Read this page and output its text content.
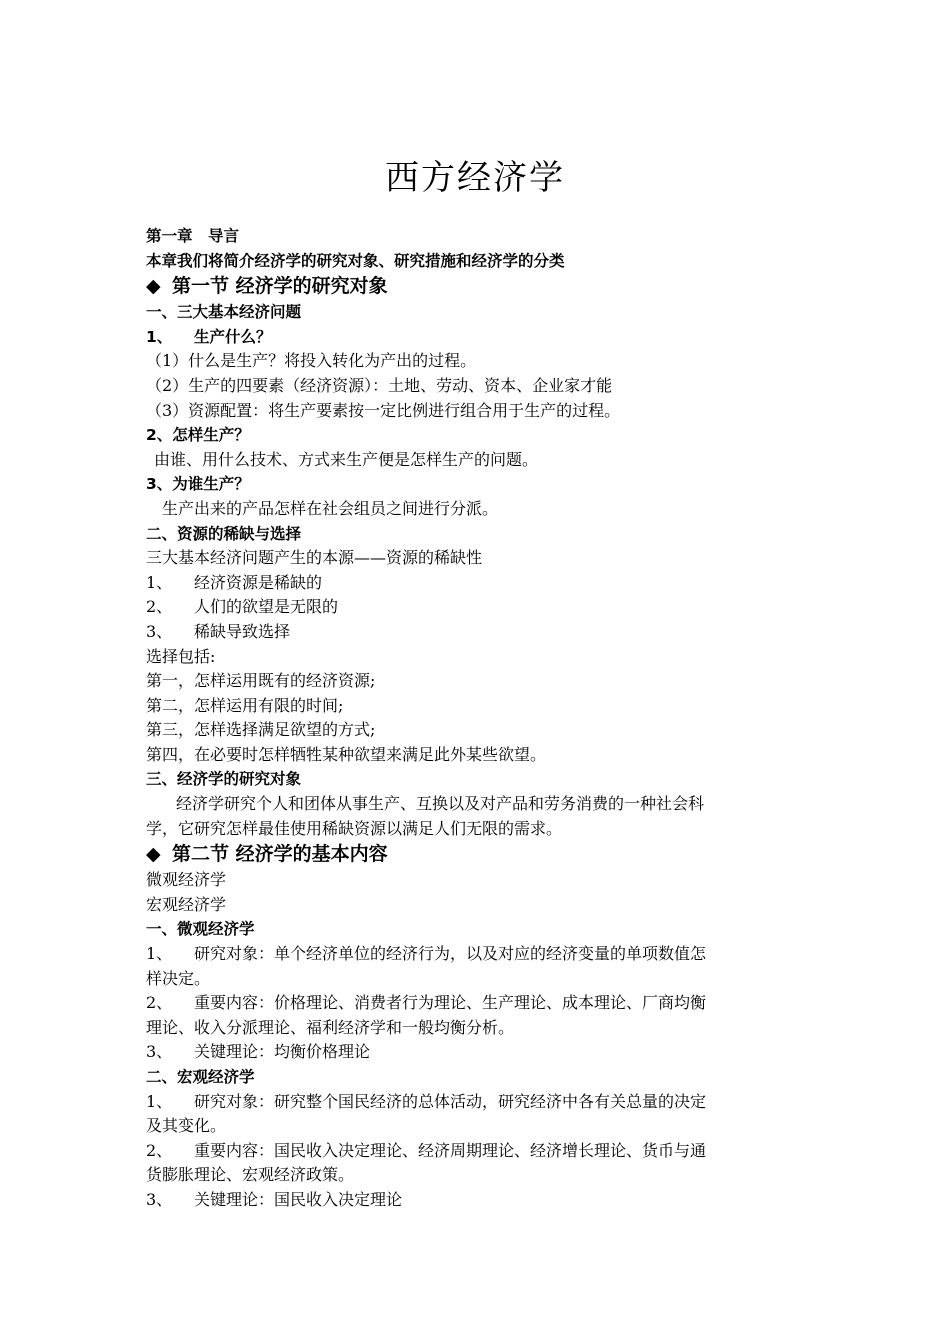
西方经济学
第一章　导言
本章我们将简介经济学的研究对象、研究措施和经济学的分类
◆ 第一节 经济学的研究对象
一、三大基本经济问题
1、 生产什么？
（1）什么是生产？将投入转化为产出的过程。
（2）生产的四要素（经济资源）：土地、劳动、资本、企业家才能
（3）资源配置：将生产要素按一定比例进行组合用于生产的过程。
2、怎样生产？
由谁、用什么技术、方式来生产便是怎样生产的问题。
3、为谁生产？
生产出来的产品怎样在社会组员之间进行分派。
二、资源的稀缺与选择
三大基本经济问题产生的本源——资源的稀缺性
1、 经济资源是稀缺的
2、 人们的欲望是无限的
3、 稀缺导致选择
选择包括:
第一，怎样运用既有的经济资源;
第二，怎样运用有限的时间;
第三，怎样选择满足欲望的方式;
第四，在必要时怎样牺牲某种欲望来满足此外某些欲望。
三、经济学的研究对象
经济学研究个人和团体从事生产、互换以及对产品和劳务消费的一种社会科
学，它研究怎样最佳使用稀缺资源以满足人们无限的需求。
◆ 第二节 经济学的基本内容
微观经济学
宏观经济学
一、微观经济学
1、 研究对象：单个经济单位的经济行为，以及对应的经济变量的单项数值怎
样决定。
2、 重要内容：价格理论、消费者行为理论、生产理论、成本理论、厂商均衡
理论、收入分派理论、福利经济学和一般均衡分析。
3、 关键理论：均衡价格理论
二、宏观经济学
1、 研究对象：研究整个国民经济的总体活动，研究经济中各有关总量的决定
及其变化。
2、 重要内容：国民收入决定理论、经济周期理论、经济增长理论、货币与通
货膨胀理论、宏观经济政策。
3、 关键理论：国民收入决定理论
